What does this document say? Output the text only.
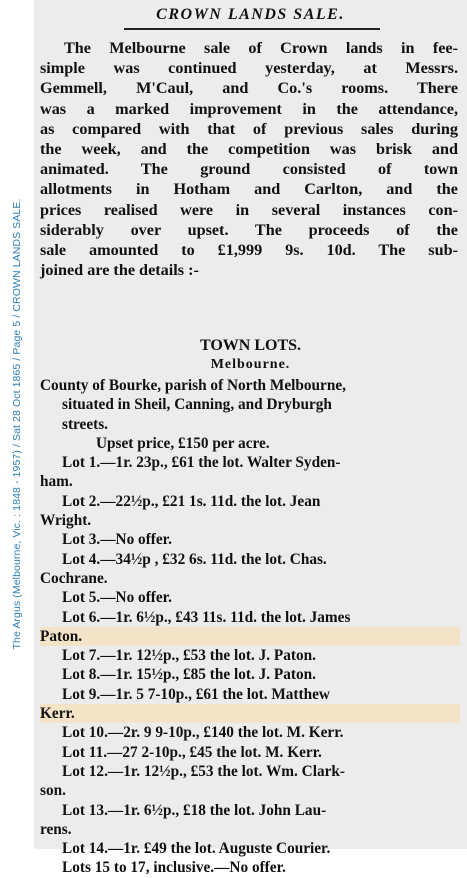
The Argus (Melbourne, Vic. : 1848 - 1957) / Sat 28 Oct 1865 / Page 5 / CROWN LANDS SALE.
CROWN LANDS SALE.
The Melbourne sale of Crown lands in fee-
simple was continued yesterday, at Messrs.
Gemmell, M'Caul, and Co.'s rooms. There
was a marked improvement in the attendance,
as compared with that of previous sales during
the week, and the competition was brisk and
animated. The ground consisted of town
allotments in Hotham and Carlton, and the
prices realised were in several instances con-
siderably over upset. The proceeds of the
sale amounted to £1,999 9s. 10d. The sub-
joined are the details :-
TOWN LOTS.
Melbourne.
County of Bourke, parish of North Melbourne,
situated in Sheil, Canning, and Dryburgh
streets.
Upset price, £150 per acre.
Lot 1.—1r. 23p., £61 the lot. Walter Syden-
ham.
Lot 2.—22½p., £21 1s. 11d. the lot. Jean
Wright.
Lot 3.—No offer.
Lot 4.—34½p , £32 6s. 11d. the lot. Chas.
Cochrane.
Lot 5.—No offer.
Lot 6.—1r. 6½p., £43 11s. 11d. the lot. James
Paton.
Lot 7.—1r. 12½p., £53 the lot. J. Paton.
Lot 8.—1r. 15½p., £85 the lot. J. Paton.
Lot 9.—1r. 5 7-10p., £61 the lot. Matthew
Kerr.
Lot 10.—2r. 9 9-10p., £140 the lot. M. Kerr.
Lot 11.—27 2-10p., £45 the lot. M. Kerr.
Lot 12.—1r. 12½p., £53 the lot. Wm. Clark-
son.
Lot 13.—1r. 6½p., £18 the lot. John Lau-
rens.
Lot 14.—1r. £49 the lot. Auguste Courier.
Lots 15 to 17, inclusive.—No offer.
